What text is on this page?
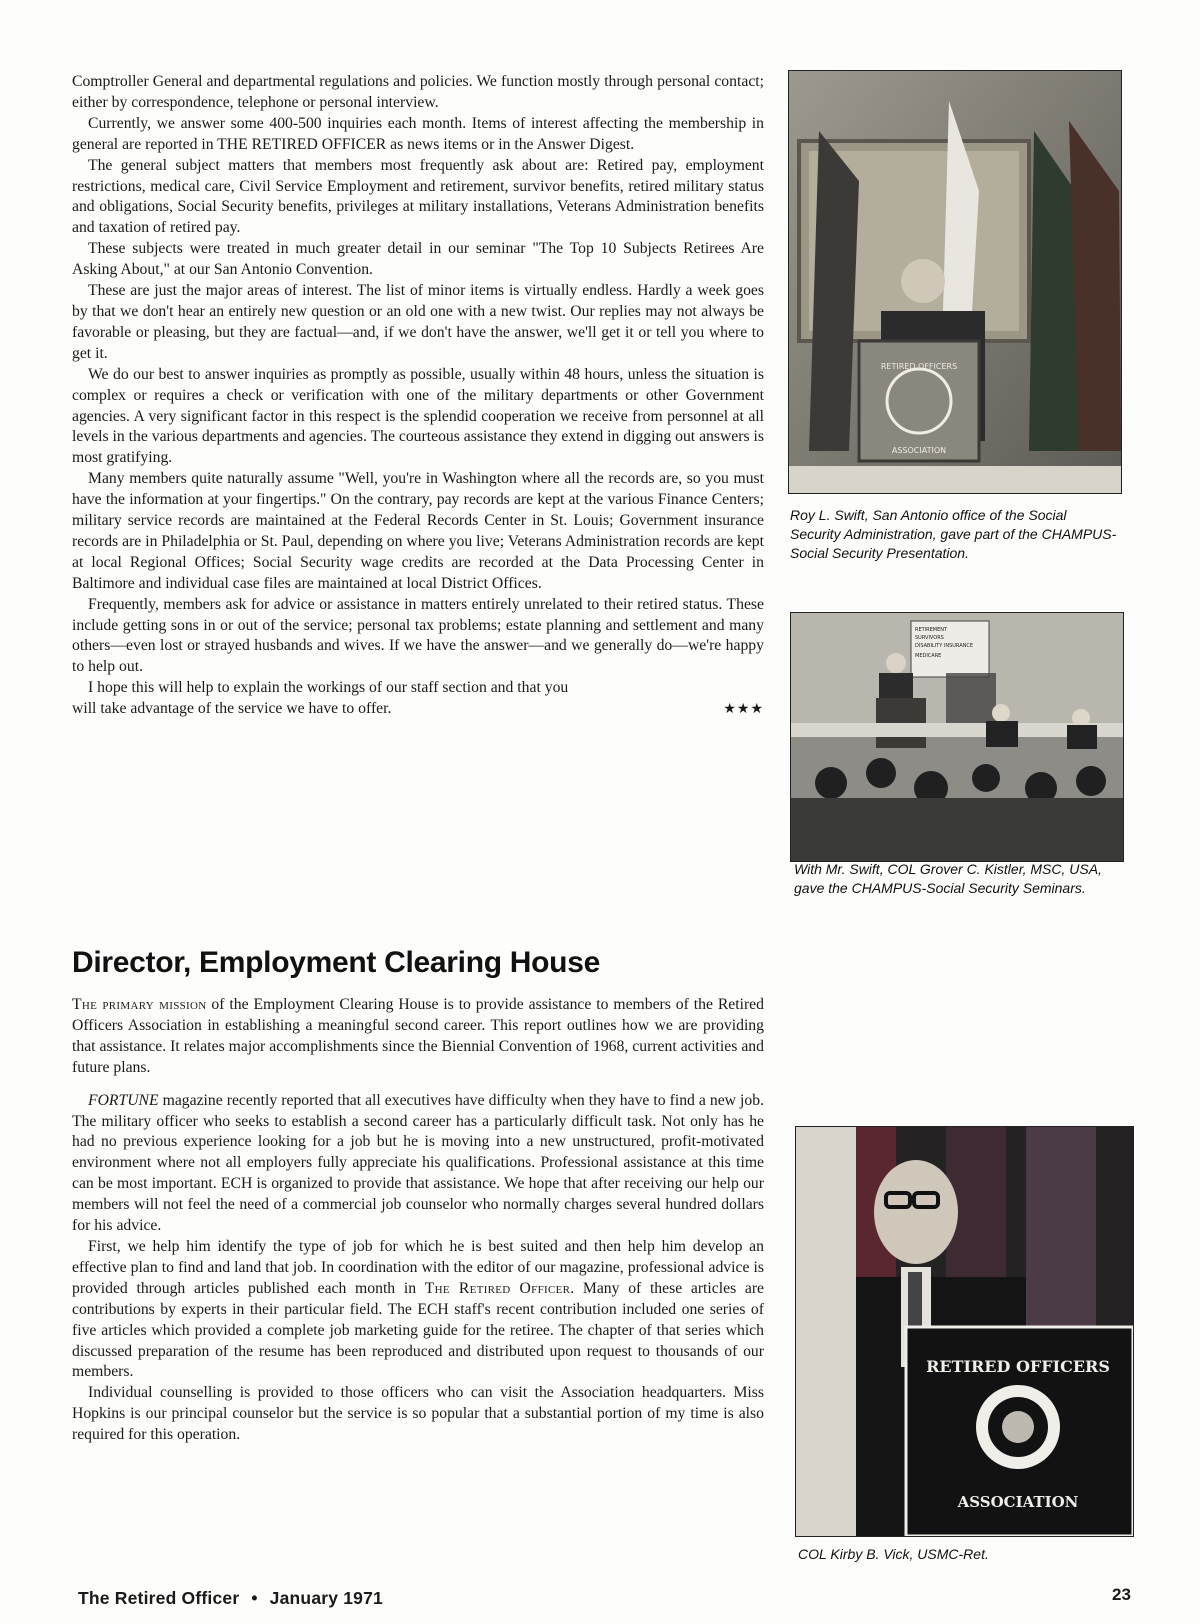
Comptroller General and departmental regulations and policies. We function mostly through personal contact; either by correspondence, telephone or personal interview.

Currently, we answer some 400-500 inquiries each month. Items of interest affecting the membership in general are reported in THE RETIRED OFFICER as news items or in the Answer Digest.

The general subject matters that members most frequently ask about are: Retired pay, employment restrictions, medical care, Civil Service Employment and retirement, survivor benefits, retired military status and obligations, Social Security benefits, privileges at military installations, Veterans Administration benefits and taxation of retired pay.

These subjects were treated in much greater detail in our seminar "The Top 10 Subjects Retirees Are Asking About," at our San Antonio Convention.

These are just the major areas of interest. The list of minor items is virtually endless. Hardly a week goes by that we don't hear an entirely new question or an old one with a new twist. Our replies may not always be favorable or pleasing, but they are factual—and, if we don't have the answer, we'll get it or tell you where to get it.

We do our best to answer inquiries as promptly as possible, usually within 48 hours, unless the situation is complex or requires a check or verification with one of the military departments or other Government agencies. A very significant factor in this respect is the splendid cooperation we receive from personnel at all levels in the various departments and agencies. The courteous assistance they extend in digging out answers is most gratifying.

Many members quite naturally assume "Well, you're in Washington where all the records are, so you must have the information at your fingertips." On the contrary, pay records are kept at the various Finance Centers; military service records are maintained at the Federal Records Center in St. Louis; Government insurance records are in Philadelphia or St. Paul, depending on where you live; Veterans Administration records are kept at local Regional Offices; Social Security wage credits are recorded at the Data Processing Center in Baltimore and individual case files are maintained at local District Offices.

Frequently, members ask for advice or assistance in matters entirely unrelated to their retired status. These include getting sons in or out of the service; personal tax problems; estate planning and settlement and many others—even lost or strayed husbands and wives. If we have the answer—and we generally do—we're happy to help out.

I hope this will help to explain the workings of our staff section and that you

will take advantage of the service we have to offer.	★★★

Director, Employment Clearing House

The primary mission of the Employment Clearing House is to provide assistance to members of the Retired Officers Association in establishing a meaningful second career. This report outlines how we are providing that assistance. It relates major accomplishments since the Biennial Convention of 1968, current activities and future plans.

FORTUNE magazine recently reported that all executives have difficulty when they have to find a new job. The military officer who seeks to establish a second career has a particularly difficult task. Not only has he had no previous experience looking for a job but he is moving into a new unstructured, profit-motivated environment where not all employers fully appreciate his qualifications. Professional assistance at this time can be most important. ECH is organized to provide that assistance. We hope that after receiving our help our members will not feel the need of a commercial job counselor who normally charges several hundred dollars for his advice.

First, we help him identify the type of job for which he is best suited and then help him develop an effective plan to find and land that job. In coordination with the editor of our magazine, professional advice is provided through articles published each month in The Retired Officer. Many of these articles are contributions by experts in their particular field. The ECH staff's recent contribution included one series of five articles which provided a complete job marketing guide for the retiree. The chapter of that series which discussed preparation of the resume has been reproduced and distributed upon request to thousands of our members.

Individual counselling is provided to those officers who can visit the Association headquarters. Miss Hopkins is our principal counselor but the service is so popular that a substantial portion of my time is also required for this operation.

RETIRED OFFICERS
ASSOCIATION

Roy L. Swift, San Antonio office of the Social Security Administration, gave part of the CHAMPUS-Social Security Presentation.

RETIREMENT
SURVIVORS
DISABILITY INSURANCE
MEDICARE

With Mr. Swift, COL Grover C. Kistler, MSC, USA, gave the CHAMPUS-Social Security Seminars.

RETIRED OFFICERS
ASSOCIATION

COL Kirby B. Vick, USMC-Ret.

The Retired Officer • January 1971	23
